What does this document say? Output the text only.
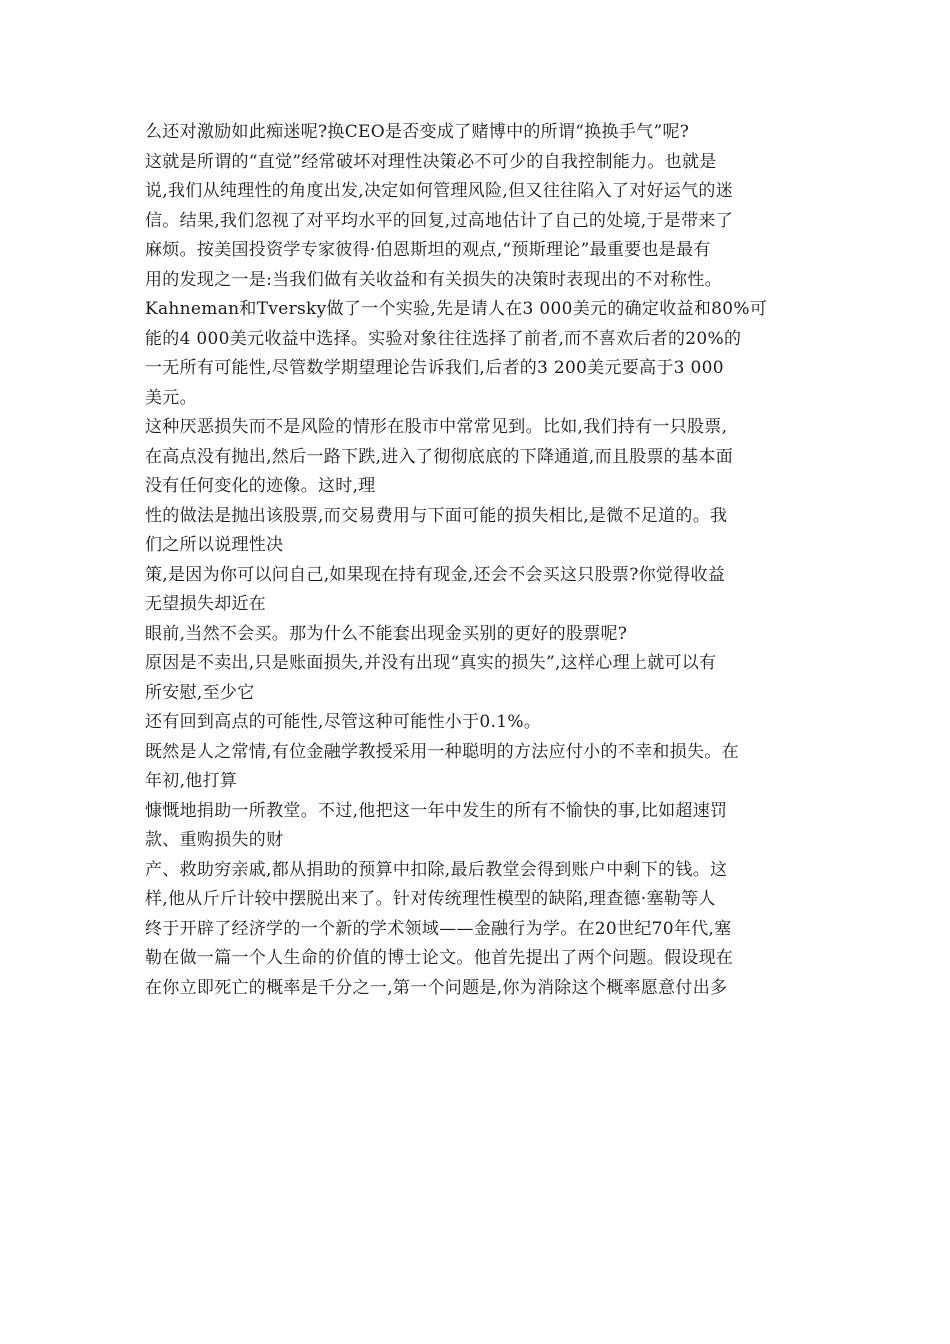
么还对激励如此痴迷呢?换CEO是否变成了赌博中的所谓“换换手气”呢?
这就是所谓的“直觉”经常破坏对理性决策必不可少的自我控制能力。也就是
说,我们从纯理性的角度出发,决定如何管理风险,但又往往陷入了对好运气的迷
信。结果,我们忽视了对平均水平的回复,过高地估计了自己的处境,于是带来了
麻烦。按美国投资学专家彼得·伯恩斯坦的观点,“预斯理论”最重要也是最有
用的发现之一是:当我们做有关收益和有关损失的决策时表现出的不对称性。
Kahneman和Tversky做了一个实验,先是请人在3 000美元的确定收益和80%可
能的4 000美元收益中选择。实验对象往往选择了前者,而不喜欢后者的20%的
一无所有可能性,尽管数学期望理论告诉我们,后者的3 200美元要高于3 000
美元。
这种厌恶损失而不是风险的情形在股市中常常见到。比如,我们持有一只股票,
在高点没有抛出,然后一路下跌,进入了彻彻底底的下降通道,而且股票的基本面
没有任何变化的迹像。这时,理
性的做法是抛出该股票,而交易费用与下面可能的损失相比,是微不足道的。我
们之所以说理性决
策,是因为你可以问自己,如果现在持有现金,还会不会买这只股票?你觉得收益
无望损失却近在
眼前,当然不会买。那为什么不能套出现金买别的更好的股票呢?
原因是不卖出,只是账面损失,并没有出现“真实的损失”,这样心理上就可以有
所安慰,至少它
还有回到高点的可能性,尽管这种可能性小于0.1%。
既然是人之常情,有位金融学教授采用一种聪明的方法应付小的不幸和损失。在
年初,他打算
慷慨地捐助一所教堂。不过,他把这一年中发生的所有不愉快的事,比如超速罚
款、重购损失的财
产、救助穷亲戚,都从捐助的预算中扣除,最后教堂会得到账户中剩下的钱。这
样,他从斤斤计较中摆脱出来了。针对传统理性模型的缺陷,理查德·塞勒等人
终于开辟了经济学的一个新的学术领域——金融行为学。在20世纪70年代,塞
勒在做一篇一个人生命的价值的博士论文。他首先提出了两个问题。假设现在
在你立即死亡的概率是千分之一,第一个问题是,你为消除这个概率愿意付出多
